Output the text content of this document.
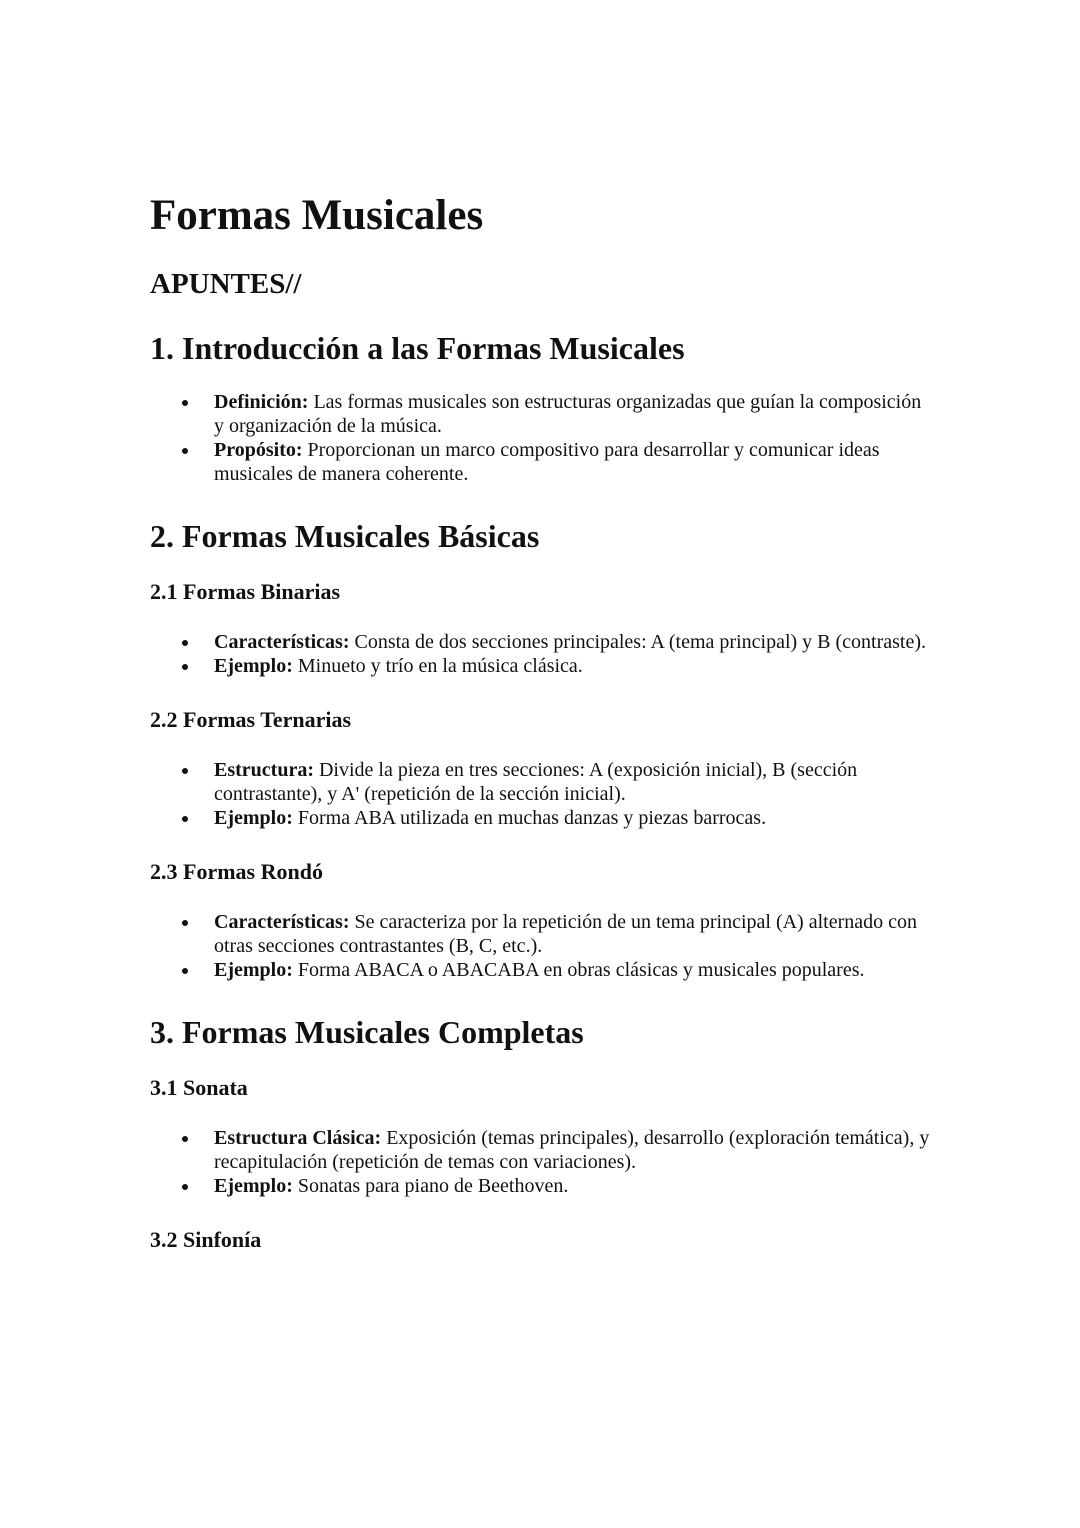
Formas Musicales
APUNTES//
1. Introducción a las Formas Musicales
Definición: Las formas musicales son estructuras organizadas que guían la composición y organización de la música.
Propósito: Proporcionan un marco compositivo para desarrollar y comunicar ideas musicales de manera coherente.
2. Formas Musicales Básicas
2.1 Formas Binarias
Características: Consta de dos secciones principales: A (tema principal) y B (contraste).
Ejemplo: Minueto y trío en la música clásica.
2.2 Formas Ternarias
Estructura: Divide la pieza en tres secciones: A (exposición inicial), B (sección contrastante), y A' (repetición de la sección inicial).
Ejemplo: Forma ABA utilizada en muchas danzas y piezas barrocas.
2.3 Formas Rondó
Características: Se caracteriza por la repetición de un tema principal (A) alternado con otras secciones contrastantes (B, C, etc.).
Ejemplo: Forma ABACA o ABACABA en obras clásicas y musicales populares.
3. Formas Musicales Completas
3.1 Sonata
Estructura Clásica: Exposición (temas principales), desarrollo (exploración temática), y recapitulación (repetición de temas con variaciones).
Ejemplo: Sonatas para piano de Beethoven.
3.2 Sinfonía
